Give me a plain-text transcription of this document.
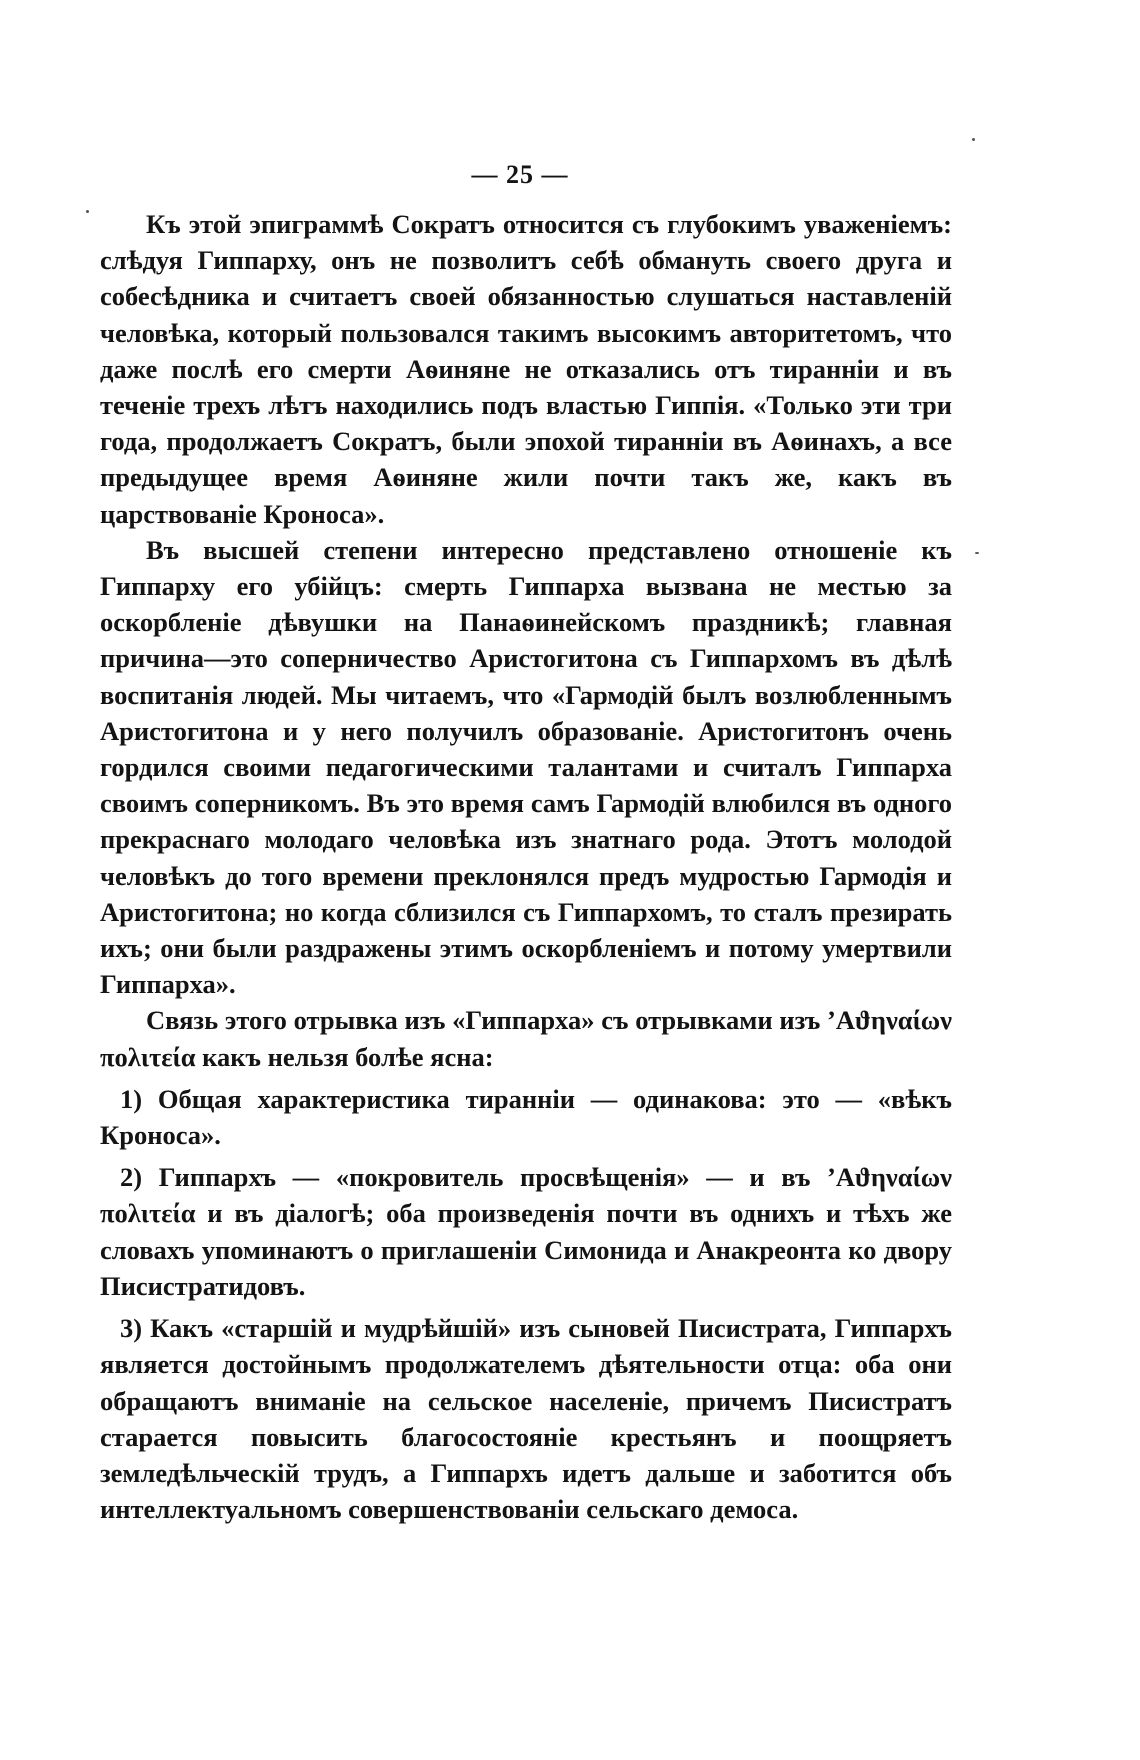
— 25 —

Къ этой эпиграммѣ Сократъ относится съ глубокимъ уваженіемъ: слѣдуя Гиппарху, онъ не позволитъ себѣ обмануть своего друга и собесѣдника и считаетъ своей обязанностью слушаться наставленій человѣка, который пользовался такимъ высокимъ авторитетомъ, что даже послѣ его смерти Аѳиняне не отказались отъ тираннiи и въ теченіе трехъ лѣтъ находились подъ властью Гиппія. «Только эти три года, продолжаетъ Сократъ, были эпохой тираннiи въ Аѳинахъ, а все предыдущее время Аѳиняне жили почти такъ же, какъ въ царствованіе Кроноса».

Въ высшей степени интересно представлено отношеніе къ Гиппарху его убійцъ: смерть Гиппарха вызвана не местью за оскорбленіе дѣвушки на Панаѳинейскомъ праздникѣ; главная причина—это соперничество Аристогитона съ Гиппархомъ въ дѣлѣ воспитанія людей. Мы читаемъ, что «Гармодій былъ возлюбленнымъ Аристогитона и у него получилъ образованіе. Аристогитонъ очень гордился своими педагогическими талантами и считалъ Гиппарха своимъ соперникомъ. Въ это время самъ Гармодій влюбился въ одного прекраснаго молодаго человѣка изъ знатнаго рода. Этотъ молодой человѣкъ до того времени преклонялся предъ мудростью Гармодія и Аристогитона; но когда сблизился съ Гиппархомъ, то сталъ презирать ихъ; они были раздражены этимъ оскорбленіемъ и потому умертвили Гиппарха».

Связь этого отрывка изъ «Гиппарха» съ отрывками изъ ʼΑϑηναίων πολιτεία какъ нельзя болѣе ясна:

1) Общая характеристика тираннiи — одинакова: это — «вѣкъ Кроноса».

2) Гиппархъ — «покровитель просвѣщенія» — и въ ʼΑϑηναίων πολιτεία и въ діалогѣ; оба произведенія почти въ однихъ и тѣхъ же словахъ упоминаютъ о приглашеніи Симонида и Анакреонта ко двору Писистратидовъ.

3) Какъ «старшій и мудрѣйшій» изъ сыновей Писистрата, Гиппархъ является достойнымъ продолжателемъ дѣятельности отца: оба они обращаютъ вниманіе на сельское населеніе, причемъ Писистратъ старается повысить благосостояніе крестьянъ и поощряетъ земледѣльческій трудъ, а Гиппархъ идетъ дальше и заботится объ интеллектуальномъ совершенствованіи сельскаго демоса.
